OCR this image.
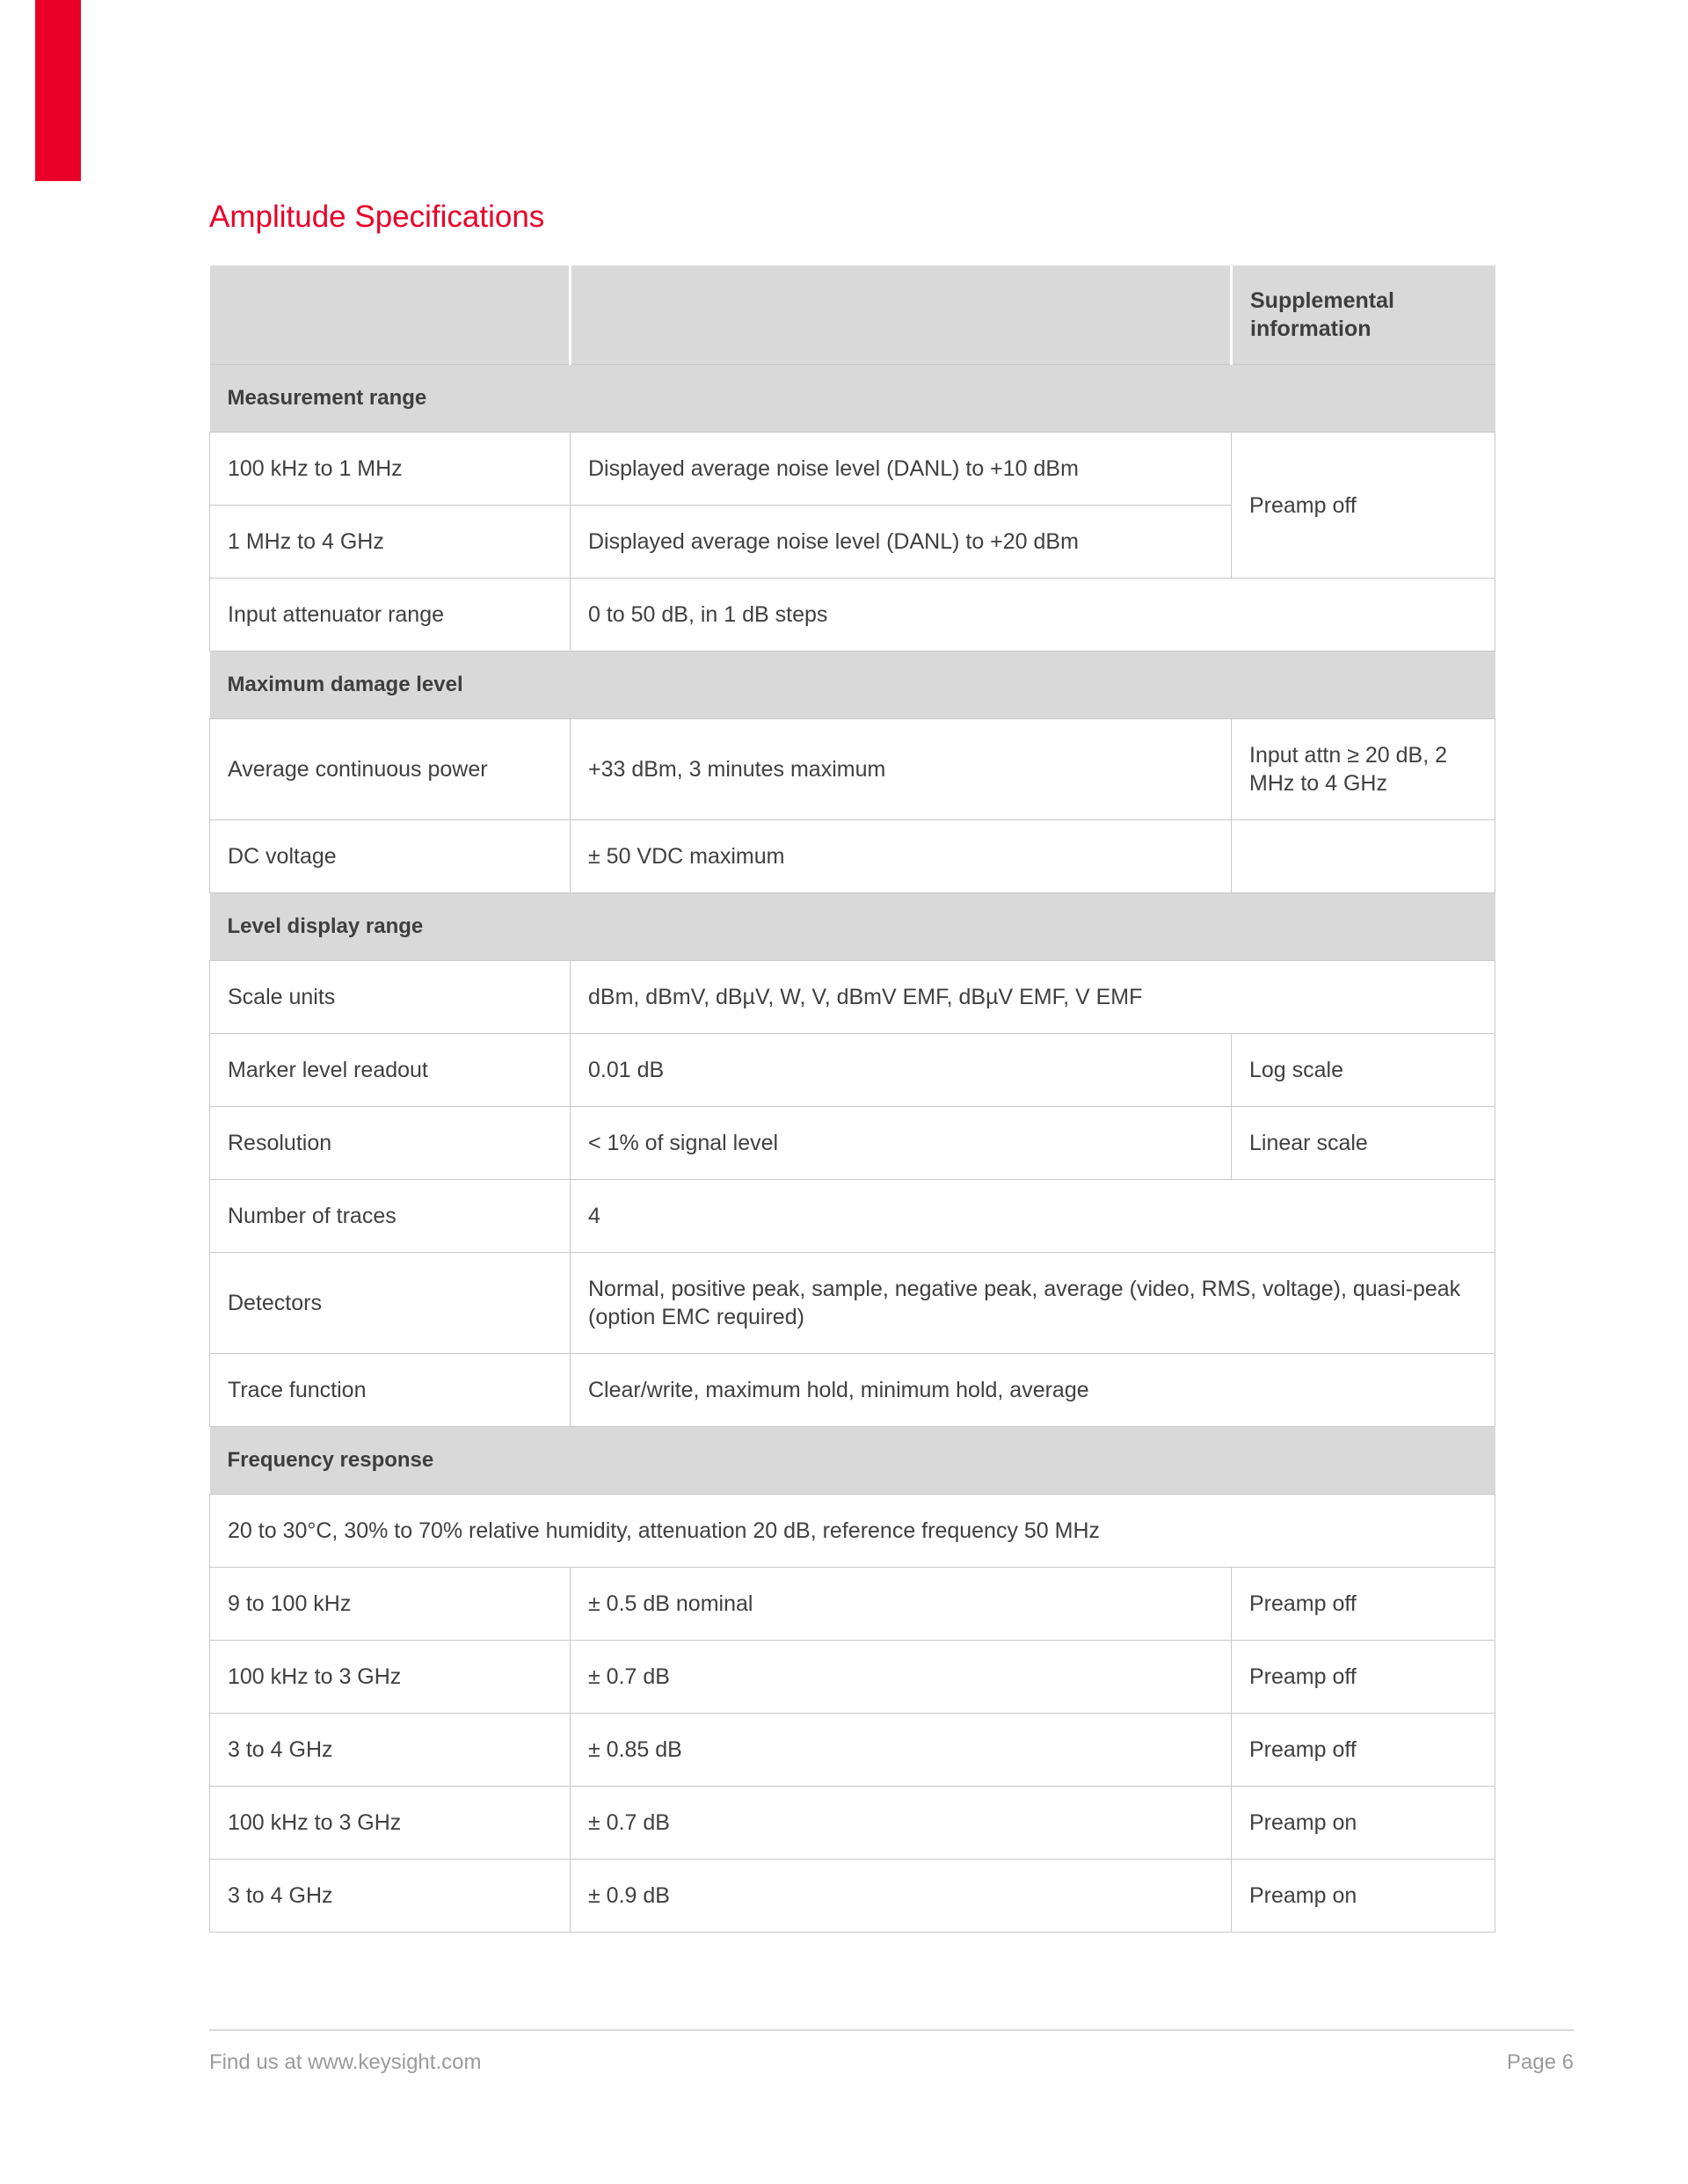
Amplitude Specifications
		Supplemental information
Measurement range		
100 kHz to 1 MHz	Displayed average noise level (DANL) to +10 dBm	Preamp off
1 MHz to 4 GHz	Displayed average noise level (DANL) to +20 dBm	
Input attenuator range	0 to 50 dB, in 1 dB steps	
Maximum damage level		
Average continuous power	+33 dBm, 3 minutes maximum	Input attn ≥ 20 dB, 2 MHz to 4 GHz
DC voltage	± 50 VDC maximum	
Level display range		
Scale units	dBm, dBmV, dBµV, W, V, dBmV EMF, dBµV EMF, V EMF	
Marker level readout	0.01 dB	Log scale
Resolution	< 1% of signal level	Linear scale
Number of traces	4	
Detectors	Normal, positive peak, sample, negative peak, average (video, RMS, voltage), quasi-peak (option EMC required)	
Trace function	Clear/write, maximum hold, minimum hold, average	
Frequency response		
20 to 30°C, 30% to 70% relative humidity, attenuation 20 dB, reference frequency 50 MHz		
9 to 100 kHz	± 0.5 dB nominal	Preamp off
100 kHz to 3 GHz	± 0.7 dB	Preamp off
3 to 4 GHz	± 0.85 dB	Preamp off
100 kHz to 3 GHz	± 0.7 dB	Preamp on
3 to 4 GHz	± 0.9 dB	Preamp on
Find us at www.keysight.com	Page 6
